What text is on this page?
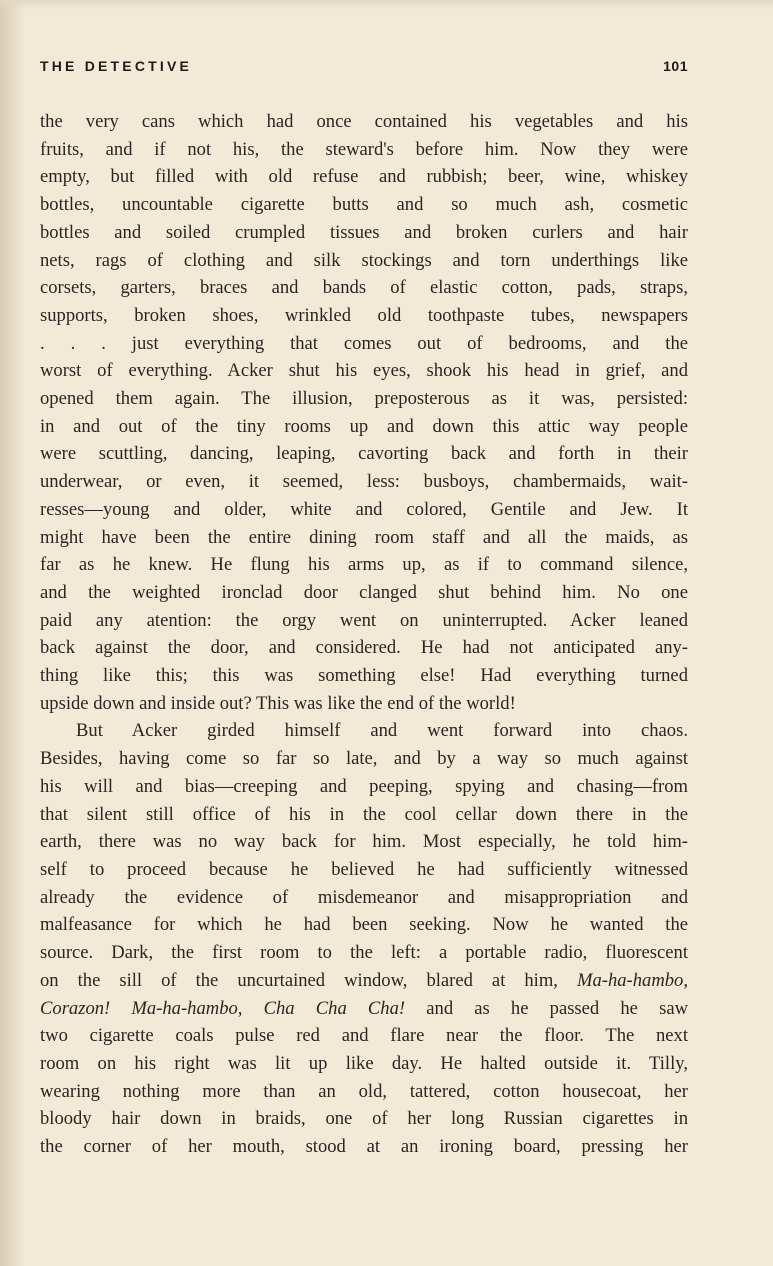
THE DETECTIVE	101

the very cans which had once contained his vegetables and his
fruits, and if not his, the steward's before him. Now they were
empty, but filled with old refuse and rubbish; beer, wine, whiskey
bottles, uncountable cigarette butts and so much ash, cosmetic
bottles and soiled crumpled tissues and broken curlers and hair
nets, rags of clothing and silk stockings and torn underthings like
corsets, garters, braces and bands of elastic cotton, pads, straps,
supports, broken shoes, wrinkled old toothpaste tubes, newspapers
. . . just everything that comes out of bedrooms, and the
worst of everything. Acker shut his eyes, shook his head in grief, and
opened them again. The illusion, preposterous as it was, persisted:
in and out of the tiny rooms up and down this attic way people
were scuttling, dancing, leaping, cavorting back and forth in their
underwear, or even, it seemed, less: busboys, chambermaids, wait-
resses—young and older, white and colored, Gentile and Jew. It
might have been the entire dining room staff and all the maids, as
far as he knew. He flung his arms up, as if to command silence,
and the weighted ironclad door clanged shut behind him. No one
paid any atention: the orgy went on uninterrupted. Acker leaned
back against the door, and considered. He had not anticipated any-
thing like this; this was something else! Had everything turned
upside down and inside out? This was like the end of the world!

But Acker girded himself and went forward into chaos.
Besides, having come so far so late, and by a way so much against
his will and bias—creeping and peeping, spying and chasing—from
that silent still office of his in the cool cellar down there in the
earth, there was no way back for him. Most especially, he told him-
self to proceed because he believed he had sufficiently witnessed
already the evidence of misdemeanor and misappropriation and
malfeasance for which he had been seeking. Now he wanted the
source. Dark, the first room to the left: a portable radio, fluorescent
on the sill of the uncurtained window, blared at him, Ma-ha-hambo,
Corazon! Ma-ha-hambo, Cha Cha Cha! and as he passed he saw
two cigarette coals pulse red and flare near the floor. The next
room on his right was lit up like day. He halted outside it. Tilly,
wearing nothing more than an old, tattered, cotton housecoat, her
bloody hair down in braids, one of her long Russian cigarettes in
the corner of her mouth, stood at an ironing board, pressing her
